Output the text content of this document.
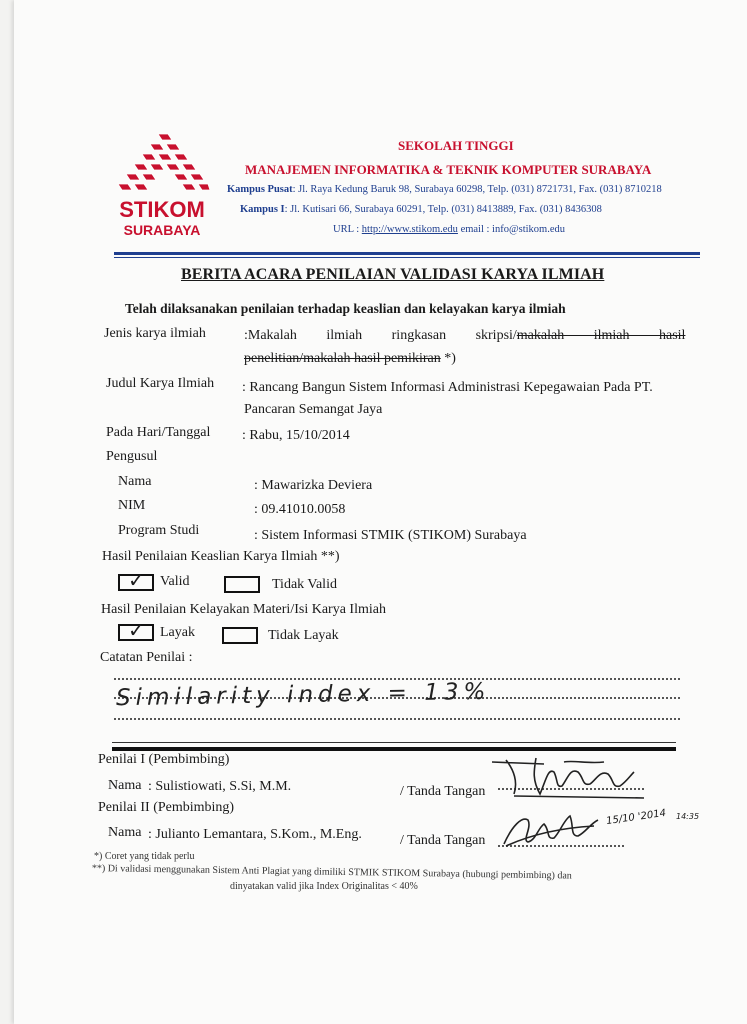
STIKOM
SURABAYA
SEKOLAH TINGGI
MANAJEMEN INFORMATIKA & TEKNIK KOMPUTER SURABAYA
Kampus Pusat: Jl. Raya Kedung Baruk 98, Surabaya 60298, Telp. (031) 8721731, Fax. (031) 8710218
Kampus I: Jl. Kutisari 66, Surabaya 60291, Telp. (031) 8413889, Fax. (031) 8436308
URL : http://www.stikom.edu email : info@stikom.edu
BERITA ACARA PENILAIAN VALIDASI KARYA ILMIAH
Telah dilaksanakan penilaian terhadap keaslian dan kelayakan karya ilmiah
Jenis karya ilmiah	:Makalah ilmiah ringkasan skripsi/makalah ilmiah hasil
penelitian/makalah hasil pemikiran *)
Judul Karya Ilmiah : Rancang Bangun Sistem Informasi Administrasi Kepegawaian Pada PT.
Pancaran Semangat Jaya
Pada Hari/Tanggal : Rabu, 15/10/2014
Pengusul
Nama	: Mawarizka Deviera
NIM	: 09.41010.0058
Program Studi	: Sistem Informasi STMIK (STIKOM) Surabaya
Hasil Penilaian Keaslian Karya Ilmiah **)
✓ Valid	Tidak Valid
Hasil Penilaian Kelayakan Materi/Isi Karya Ilmiah
✓ Layak	Tidak Layak
Catatan Penilai :
Similarity index = 13%
Penilai I (Pembimbing)
Nama : Sulistiowati, S.Si, M.M.	/ Tanda Tangan
Penilai II (Pembimbing)
Nama : Julianto Lemantara, S.Kom., M.Eng.	/ Tanda Tangan
15/10 '2014 14:35
*) Coret yang tidak perlu
**) Di validasi menggunakan Sistem Anti Plagiat yang dimiliki STMIK STIKOM Surabaya (hubungi pembimbing) dan
dinyatakan valid jika Index Originalitas < 40%
